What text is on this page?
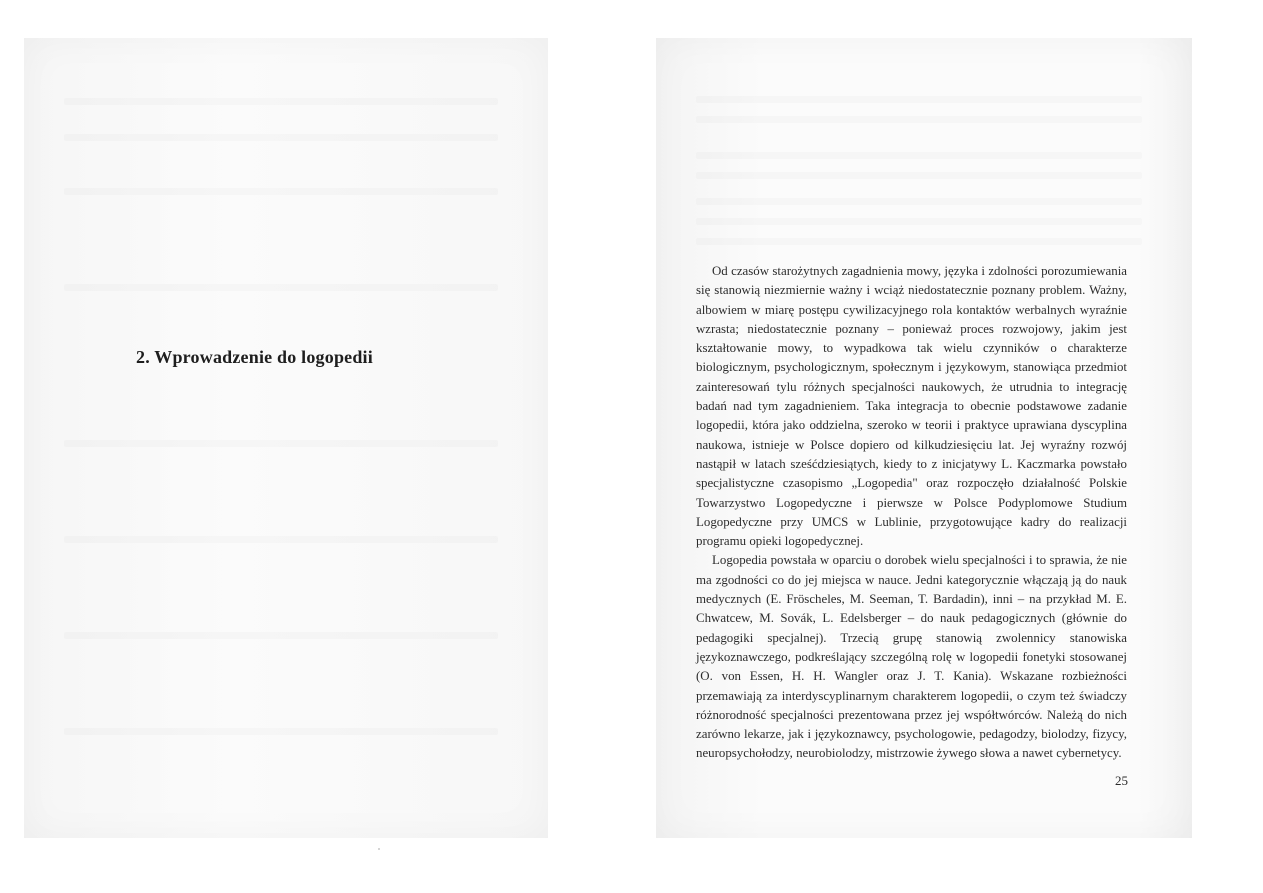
2. Wprowadzenie do logopedii

Od czasów starożytnych zagadnienia mowy, języka i zdolności porozumiewania się stanowią niezmiernie ważny i wciąż niedostatecznie poznany problem. Ważny, albowiem w miarę postępu cywilizacyjnego rola kontaktów werbalnych wyraźnie wzrasta; niedostatecznie poznany – ponieważ proces rozwojowy, jakim jest kształtowanie mowy, to wypadkowa tak wielu czynników o charakterze biologicznym, psychologicznym, społecznym i językowym, stanowiąca przedmiot zainteresowań tylu różnych specjalności naukowych, że utrudnia to integrację badań nad tym zagadnieniem. Taka integracja to obecnie podstawowe zadanie logopedii, która jako oddzielna, szeroko w teorii i praktyce uprawiana dyscyplina naukowa, istnieje w Polsce dopiero od kilkudziesięciu lat. Jej wyraźny rozwój nastąpił w latach sześćdziesiątych, kiedy to z inicjatywy L. Kaczmarka powstało specjalistyczne czasopismo „Logopedia" oraz rozpoczęło działalność Polskie Towarzystwo Logopedyczne i pierwsze w Polsce Podyplomowe Studium Logopedyczne przy UMCS w Lublinie, przygotowujące kadry do realizacji programu opieki logopedycznej.

Logopedia powstała w oparciu o dorobek wielu specjalności i to sprawia, że nie ma zgodności co do jej miejsca w nauce. Jedni kategorycznie włączają ją do nauk medycznych (E. Fröscheles, M. Seeman, T. Bardadin), inni – na przykład M. E. Chwatcew, M. Sovák, L. Edelsberger – do nauk pedagogicznych (głównie do pedagogiki specjalnej). Trzecią grupę stanowią zwolennicy stanowiska językoznawczego, podkreślający szczególną rolę w logopedii fonetyki stosowanej (O. von Essen, H. H. Wangler oraz J. T. Kania). Wskazane rozbieżności przemawiają za interdyscyplinarnym charakterem logopedii, o czym też świadczy różnorodność specjalności prezentowana przez jej współtwórców. Należą do nich zarówno lekarze, jak i językoznawcy, psychologowie, pedagodzy, biolodzy, fizycy, neuropsychołodzy, neurobiolodzy, mistrzowie żywego słowa a nawet cybernetycy.

25
